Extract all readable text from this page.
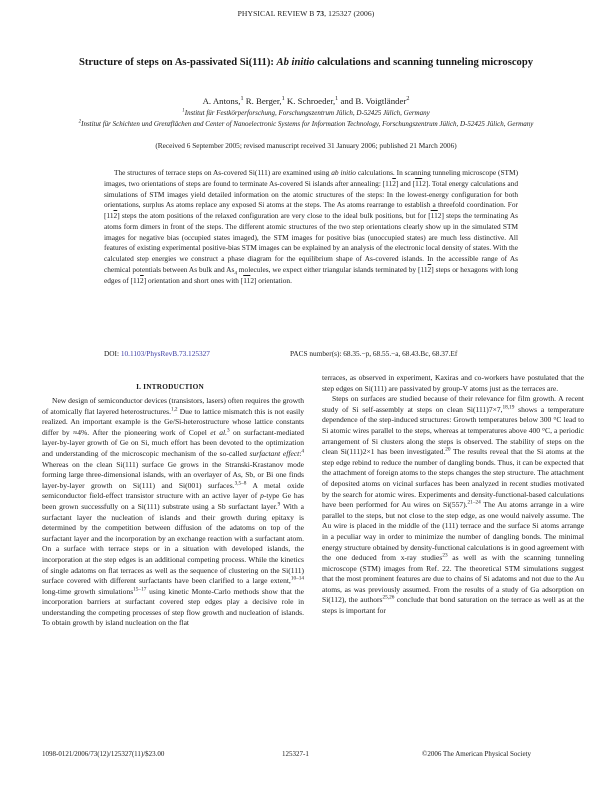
PHYSICAL REVIEW B 73, 125327 (2006)
Structure of steps on As-passivated Si(111): Ab initio calculations and scanning tunneling microscopy
A. Antons,$^1$ R. Berger,$^1$ K. Schroeder,$^1$ and B. Voigtländer$^2$
$^1$Institut für Festkörperforschung, Forschungszentrum Jülich, D-52425 Jülich, Germany
$^2$Institut für Schichten und Grenzflächen and Center of Nanoelectronic Systems for Information Technology, Forschungszentrum Jülich, D-52425 Jülich, Germany
(Received 6 September 2005; revised manuscript received 31 January 2006; published 21 March 2006)
The structures of terrace steps on As-covered Si(111) are examined using ab initio calculations. In scanning tunneling microscope (STM) images, two orientations of steps are found to terminate As-covered Si islands after annealing: [112] and [112]. Total energy calculations and simulations of STM images yield detailed information on the atomic structures of the steps: In the lowest-energy configuration for both orientations, surplus As atoms replace any exposed Si atoms at the steps. The As atoms rearrange to establish a threefold coordination. For [112] steps the atom positions of the relaxed configuration are very close to the ideal bulk positions, but for [112] steps the terminating As atoms form dimers in front of the steps. The different atomic structures of the two step orientations clearly show up in the simulated STM images for negative bias (occupied states imaged), the STM images for positive bias (unoccupied states) are much less distinctive. All features of existing experimental positive-bias STM images can be explained by an analysis of the electronic local density of states. With the calculated step energies we construct a phase diagram for the equilibrium shape of As-covered islands. In the accessible range of As chemical potentials between As bulk and $As_4$ molecules, we expect either triangular islands terminated by [112] steps or hexagons with long edges of [112] orientation and short ones with [112] orientation.
DOI: 10.1103/PhysRevB.73.125327	PACS number(s): 68.35.−p, 68.55.−a, 68.43.Bc, 68.37.Ef
I. INTRODUCTION

New design of semiconductor devices (transistors, lasers) often requires the growth of atomically flat layered heterostructures.$^{1,2}$ Due to lattice mismatch this is not easily realized. An important example is the Ge/Si-heterostructure whose lattice constants differ by ≈4%. After the pioneering work of Copel et al.$^3$ on surfactant-mediated layer-by-layer growth of Ge on Si, much effort has been devoted to the optimization and understanding of the microscopic mechanism of the so-called surfactant effect:$^4$ Whereas on the clean Si(111) surface Ge grows in the Stranski-Krastanov mode forming large three-dimensional islands, with an overlayer of As, Sb, or Bi one finds layer-by-layer growth on Si(111) and Si(001) surfaces.$^{3,5-8}$ A metal oxide semiconductor field-effect transistor structure with an active layer of p-type Ge has been grown successfully on a Si(111) substrate using a Sb surfactant layer.$^9$ With a surfactant layer the nucleation of islands and their growth during epitaxy is determined by the competition between diffusion of the adatoms on top of the surfactant layer and the incorporation by an exchange reaction with a surfactant atom. On a surface with terrace steps or in a situation with developed islands, the incorporation at the step edges is an additional competing process. While the kinetics of single adatoms on flat terraces as well as the sequence of clustering on the Si(111) surface covered with different surfactants have been clarified to a large extent,$^{10-14}$ long-time growth simulations$^{15-17}$ using kinetic Monte-Carlo methods show that the incorporation barriers at surfactant covered step edges play a decisive role in understanding the competing processes of step flow growth and nucleation of islands. To obtain growth by island nucleation on the flat

terraces, as observed in experiment, Kaxiras and co-workers have postulated that the step edges on Si(111) are passivated by group-V atoms just as the terraces are.

Steps on surfaces are studied because of their relevance for film growth. A recent study of Si self-assembly at steps on clean Si(111)7×7,$^{18,19}$ shows a temperature dependence of the step-induced structures: Growth temperatures below 300 °C lead to Si atomic wires parallel to the steps, whereas at temperatures above 400 °C, a periodic arrangement of Si clusters along the steps is observed. The stability of steps on the clean Si(111)2×1 has been investigated.$^{20}$ The results reveal that the Si atoms at the step edge rebind to reduce the number of dangling bonds. Thus, it can be expected that the attachment of foreign atoms to the steps changes the step structure. The attachment of deposited atoms on vicinal surfaces has been analyzed in recent studies motivated by the search for atomic wires. Experiments and density-functional-based calculations have been performed for Au wires on Si(557).$^{21-24}$ The Au atoms arrange in a wire parallel to the steps, but not close to the step edge, as one would naively assume. The Au wire is placed in the middle of the (111) terrace and the surface Si atoms arrange in a peculiar way in order to minimize the number of dangling bonds. The minimal energy structure obtained by density-functional calculations is in good agreement with the one deduced from x-ray studies$^{23}$ as well as with the scanning tunneling microscope (STM) images from Ref. 22. The theoretical STM simulations suggest that the most prominent features are due to chains of Si adatoms and not due to the Au atoms, as was previously assumed. From the results of a study of Ga adsorption on Si(112), the authors$^{25,26}$ conclude that bond saturation on the terrace as well as at the steps is important for

1098-0121/2006/73(12)/125327(11)/$23.00	125327-1	©2006 The American Physical Society
